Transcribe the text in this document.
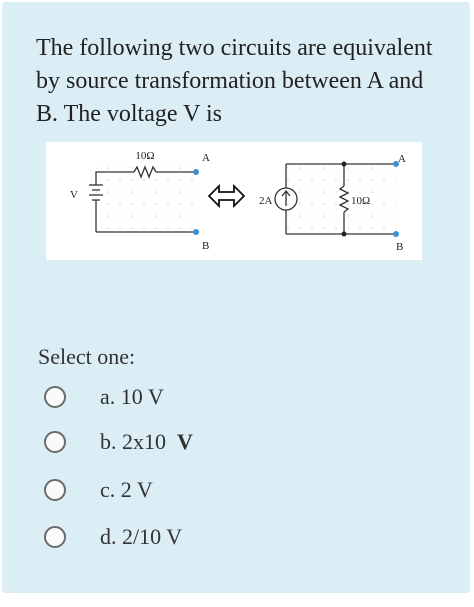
The following two circuits are equivalent by source transformation between A and B. The voltage V is
10Ω	A
B
V	2A	10Ω
A
B
Select one:
a. 10 V
b. 2x10 V
c. 2 V
d. 2/10 V
